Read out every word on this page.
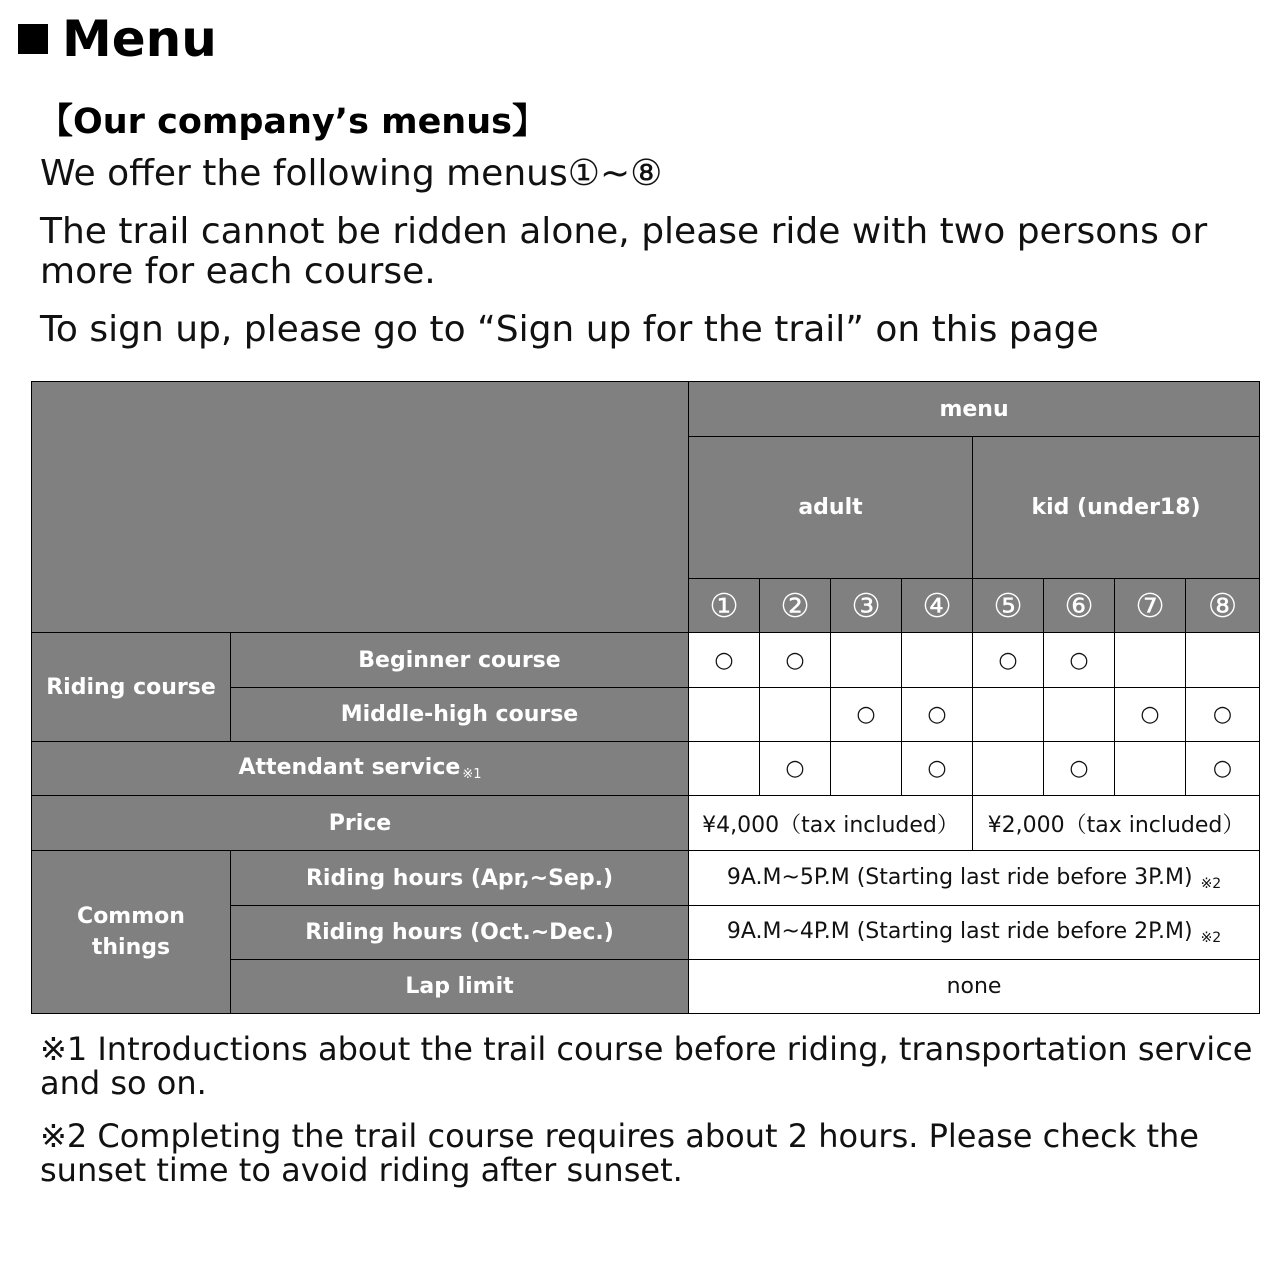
Menu
【Our company’s menus】
We offer the following menus①~⑧
The trail cannot be ridden alone, please ride with two persons or more for each course.
To sign up, please go to “Sign up for the trail” on this page
		menu							
		adult				kid (under18)			
		①	②	③	④	⑤	⑥	⑦	⑧
Riding course	Beginner course	○	○			○	○		
	Middle-high course			○	○			○	○
Attendant service $^{※1}$			○		○		○		○
Price		¥4,000（tax included）				¥2,000（tax included）			
Common things	Riding hours (Apr,~Sep.)	9A.M~5P.M (Starting last ride before 3P.M) ※2							
	Riding hours (Oct.~Dec.)	9A.M~4P.M (Starting last ride before 2P.M) ※2							
	Lap limit	none							
※1 Introductions about the trail course before riding, transportation service and so on.
※2 Completing the trail course requires about 2 hours. Please check the sunset time to avoid riding after sunset.
